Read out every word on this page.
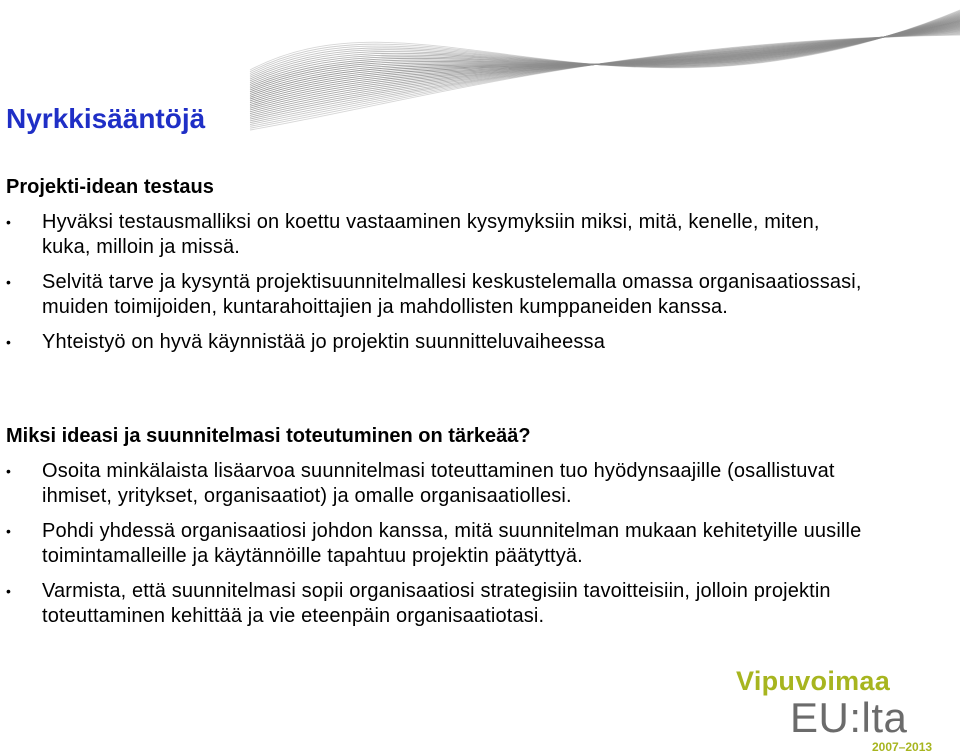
Nyrkkisääntöjä
Projekti-idean testaus
• Hyväksi testausmalliksi on koettu vastaaminen kysymyksiin miksi, mitä, kenelle, miten, kuka, milloin ja missä.
• Selvitä tarve ja kysyntä projektisuunnitelmallesi keskustelemalla omassa organisaatiossasi, muiden toimijoiden, kuntarahoittajien ja mahdollisten kumppaneiden kanssa.
• Yhteistyö on hyvä käynnistää jo projektin suunnitteluvaiheessa
Miksi ideasi ja suunnitelmasi toteutuminen on tärkeää?
• Osoita minkälaista lisäarvoa suunnitelmasi toteuttaminen tuo hyödynsaajille (osallistuvat ihmiset, yritykset, organisaatiot) ja omalle organisaatiollesi.
• Pohdi yhdessä organisaatiosi johdon kanssa, mitä suunnitelman mukaan kehitetyille uusille toimintamalleille ja käytännöille tapahtuu projektin päätyttyä.
• Varmista, että suunnitelmasi sopii organisaatiosi strategisiin tavoitteisiin, jolloin projektin toteuttaminen kehittää ja vie eteenpäin organisaatiotasi.
Vipuvoimaa
EU:lta
2007–2013
